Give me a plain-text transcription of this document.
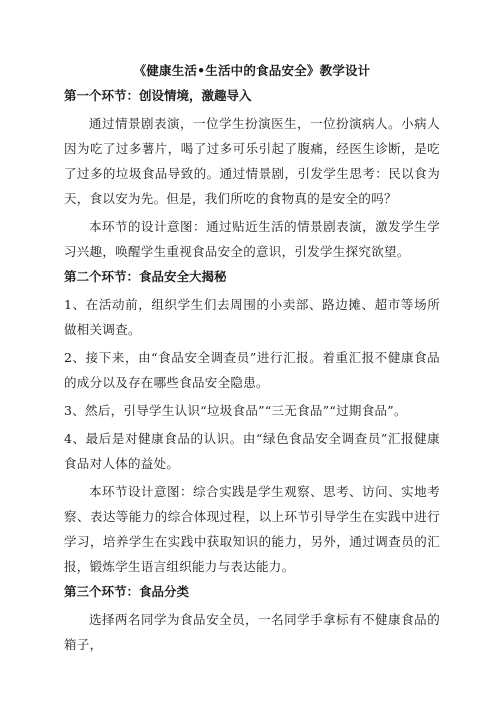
《健康生活•生活中的食品安全》教学设计
第一个环节：创设情境，激趣导入

通过情景剧表演，一位学生扮演医生，一位扮演病人。小病人因为吃了过多薯片，喝了过多可乐引起了腹痛，经医生诊断，是吃了过多的垃圾食品导致的。通过情景剧，引发学生思考：民以食为天，食以安为先。但是，我们所吃的食物真的是安全的吗？

本环节的设计意图：通过贴近生活的情景剧表演，激发学生学习兴趣，唤醒学生重视食品安全的意识，引发学生探究欲望。

第二个环节：食品安全大揭秘

1、在活动前，组织学生们去周围的小卖部、路边摊、超市等场所做相关调查。

2、接下来，由“食品安全调查员”进行汇报。着重汇报不健康食品的成分以及存在哪些食品安全隐患。

3、然后，引导学生认识“垃圾食品”“三无食品”“过期食品”。

4、最后是对健康食品的认识。由“绿色食品安全调查员”汇报健康食品对人体的益处。

本环节设计意图：综合实践是学生观察、思考、访问、实地考察、表达等能力的综合体现过程，以上环节引导学生在实践中进行学习，培养学生在实践中获取知识的能力，另外，通过调查员的汇报，锻炼学生语言组织能力与表达能力。

第三个环节：食品分类

选择两名同学为食品安全员，一名同学手拿标有不健康食品的箱子，
